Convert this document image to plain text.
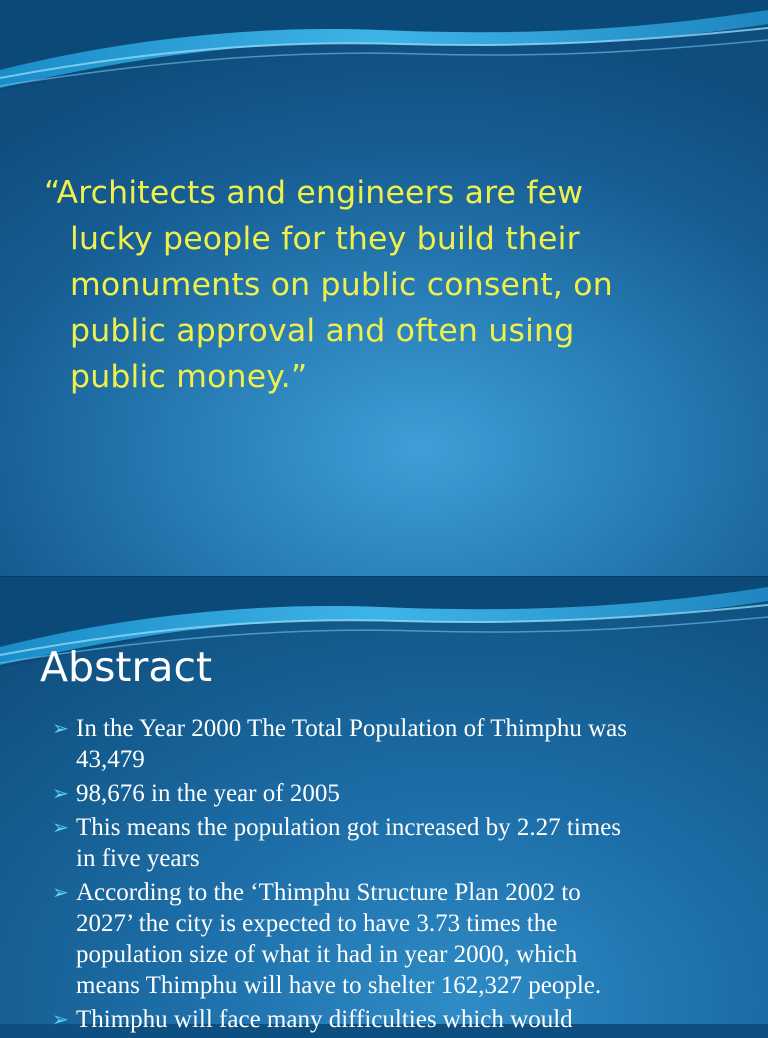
“Architects and engineers are few
lucky people for they build their
monuments on public consent, on
public approval and often using
public money.”

Abstract
➢ In the Year 2000 The Total Population of Thimphu was
43,479
➢ 98,676 in the year of 2005
➢ This means the population got increased by 2.27 times
in five years
➢ According to the ‘Thimphu Structure Plan 2002 to
2027’ the city is expected to have 3.73 times the
population size of what it had in year 2000, which
means Thimphu will have to shelter 162,327 people.
➢ Thimphu will face many difficulties which would
